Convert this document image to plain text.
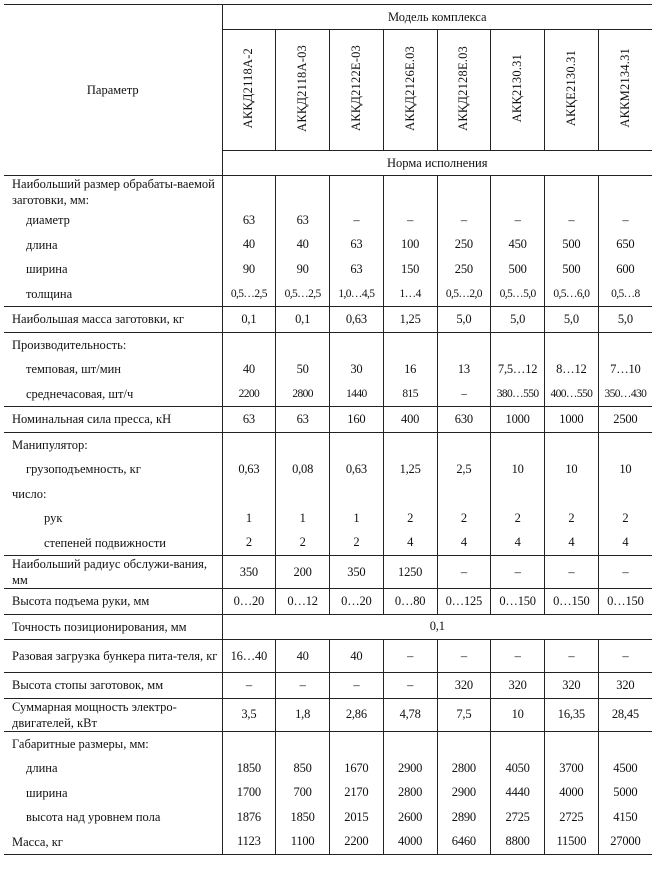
Параметр	Модель комплекса							
	АКҚД2118А-2	АКҚД2118А-03	АКҚД2122Е-03	АКҚД2126Е.03	АКҚД2128Е.03	АКҚ2130.31	АКҚЕ2130.31	АККМ2134.31
	Норма исполнения							
Наибольший размер обрабаты-ваемой заготовки, мм:								
диаметр	63	63	–	–	–	–	–	–
длина	40	40	63	100	250	450	500	650
ширина	90	90	63	150	250	500	500	600
толщина	0,5…2,5	0,5…2,5	1,0…4,5	1…4	0,5…2,0	0,5…5,0	0,5…6,0	0,5…8
Наибольшая масса заготовки, кг	0,1	0,1	0,63	1,25	5,0	5,0	5,0	5,0
Производительность:								
темповая, шт/мин	40	50	30	16	13	7,5…12	8…12	7…10
среднечасовая, шт/ч	2200	2800	1440	815	–	380…550	400…550	350…430
Номинальная сила пресса, кН	63	63	160	400	630	1000	1000	2500
Манипулятор:								
грузоподъемность, кг	0,63	0,08	0,63	1,25	2,5	10	10	10
число:								
рук	1	1	1	2	2	2	2	2
степеней подвижности	2	2	2	4	4	4	4	4
Наибольший радиус обслужи-вания, мм	350	200	350	1250	–	–	–	–
Высота подъема руки, мм	0…20	0…12	0…20	0…80	0…125	0…150	0…150	0…150
Точность позиционирования, мм	0,1							
Разовая загрузка бункера пита-теля, кг	16…40	40	40	–	–	–	–	–
Высота стопы заготовок, мм	–	–	–	–	320	320	320	320
Суммарная мощность электро-двигателей, кВт	3,5	1,8	2,86	4,78	7,5	10	16,35	28,45
Габаритные размеры, мм:								
длина	1850	850	1670	2900	2800	4050	3700	4500
ширина	1700	700	2170	2800	2900	4440	4000	5000
высота над уровнем пола	1876	1850	2015	2600	2890	2725	2725	4150
Масса, кг	1123	1100	2200	4000	6460	8800	11500	27000
